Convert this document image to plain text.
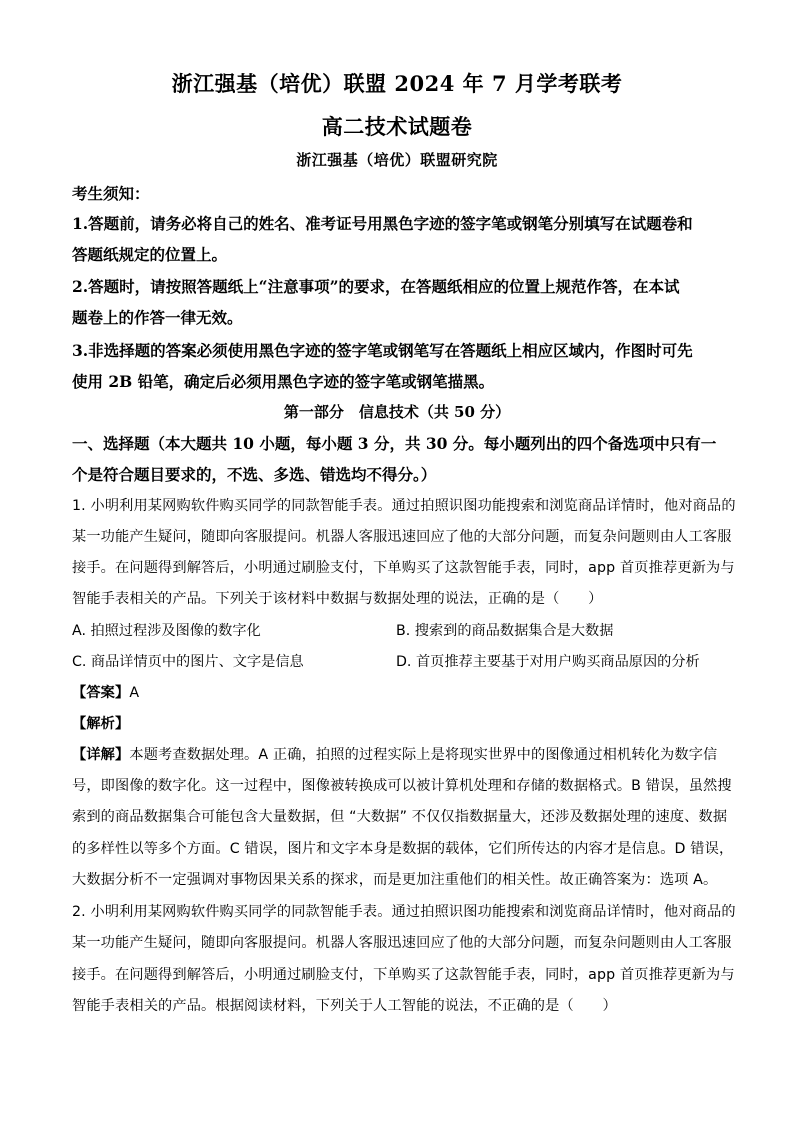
浙江强基（培优）联盟 2024 年 7 月学考联考
高二技术试题卷
浙江强基（培优）联盟研究院
考生须知：
1.答题前，请务必将自己的姓名、准考证号用黑色字迹的签字笔或钢笔分别填写在试题卷和
答题纸规定的位置上。
2.答题时，请按照答题纸上“注意事项”的要求，在答题纸相应的位置上规范作答，在本试
题卷上的作答一律无效。
3.非选择题的答案必须使用黑色字迹的签字笔或钢笔写在答题纸上相应区域内，作图时可先
使用 2B 铅笔，确定后必须用黑色字迹的签字笔或钢笔描黑。
第一部分　信息技术（共 50 分）
一、选择题（本大题共 10 小题，每小题 3 分，共 30 分。每小题列出的四个备选项中只有一
个是符合题目要求的，不选、多选、错选均不得分。）
1. 小明利用某网购软件购买同学的同款智能手表。通过拍照识图功能搜索和浏览商品详情时，他对商品的
某一功能产生疑问，随即向客服提问。机器人客服迅速回应了他的大部分问题，而复杂问题则由人工客服
接手。在问题得到解答后，小明通过刷脸支付，下单购买了这款智能手表，同时，app 首页推荐更新为与
智能手表相关的产品。下列关于该材料中数据与数据处理的说法，正确的是（　　）
A. 拍照过程涉及图像的数字化	B. 搜索到的商品数据集合是大数据
C. 商品详情页中的图片、文字是信息	D. 首页推荐主要基于对用户购买商品原因的分析
【答案】A
【解析】
【详解】本题考查数据处理。A 正确，拍照的过程实际上是将现实世界中的图像通过相机转化为数字信
号，即图像的数字化。这一过程中，图像被转换成可以被计算机处理和存储的数据格式。B 错误，虽然搜
索到的商品数据集合可能包含大量数据，但 “大数据” 不仅仅指数据量大，还涉及数据处理的速度、数据
的多样性以等多个方面。C 错误，图片和文字本身是数据的载体，它们所传达的内容才是信息。D 错误，
大数据分析不一定强调对事物因果关系的探求，而是更加注重他们的相关性。故正确答案为：选项 A。
2. 小明利用某网购软件购买同学的同款智能手表。通过拍照识图功能搜索和浏览商品详情时，他对商品的
某一功能产生疑问，随即向客服提问。机器人客服迅速回应了他的大部分问题，而复杂问题则由人工客服
接手。在问题得到解答后，小明通过刷脸支付，下单购买了这款智能手表，同时，app 首页推荐更新为与
智能手表相关的产品。根据阅读材料，下列关于人工智能的说法，不正确的是（　　）
